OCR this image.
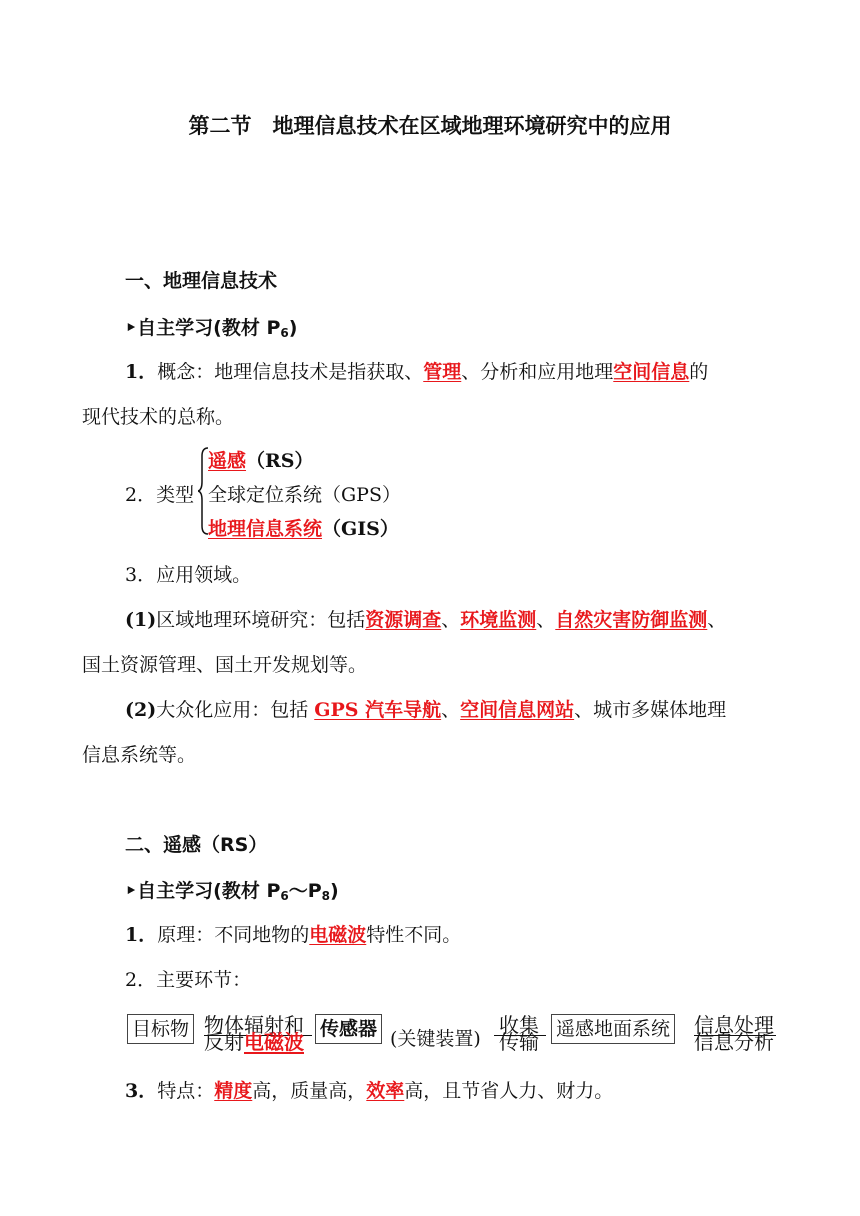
第二节　地理信息技术在区域地理环境研究中的应用
一、地理信息技术
‣自主学习(教材 $P_6$)
1．概念：地理信息技术是指获取、管理、分析和应用地理空间信息的
现代技术的总称。
2．类型
遥感（RS）
全球定位系统（GPS）
地理信息系统（GIS）
3．应用领域。
(1)区域地理环境研究：包括资源调查、环境监测、自然灾害防御监测、
国土资源管理、国土开发规划等。
(2)大众化应用：包括 GPS 汽车导航、空间信息网站、城市多媒体地理
信息系统等。
二、遥感（RS）
‣自主学习(教材 $P_6\sim P_8$)
1．原理：不同地物的电磁波特性不同。
2．主要环节：
目标物 物体辐射和
反射电磁波
传感器 (关键装置)
收集
传输
遥感地面系统 信息处理
信息分析
3．特点：精度高，质量高，效率高，且节省人力、财力。
